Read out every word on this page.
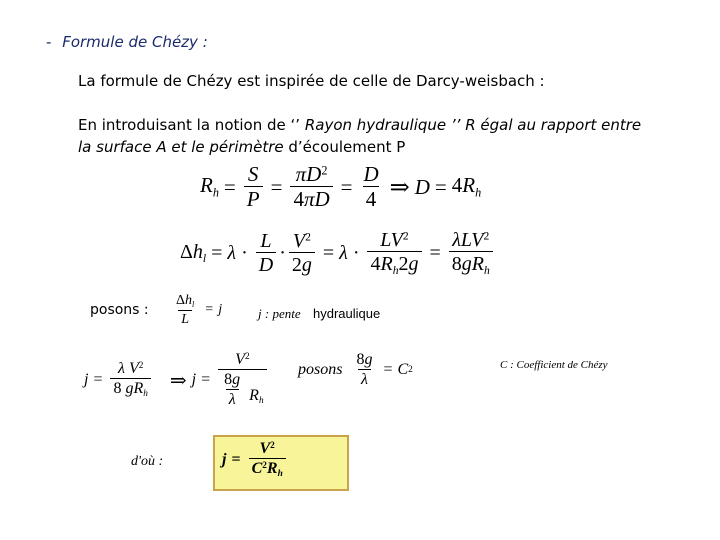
- Formule de Chézy :
La formule de Chézy est inspirée de celle de Darcy-weisbach :
En introduisant la notion de ‘’ Rayon hydraulique ’’ R égal au rapport entre la surface A et le périmètre d’écoulement P
$R_h = \frac{S}{P} = \frac{\pi D^2}{4\pi D} = \frac{D}{4}$ ⇒ $D = 4R_h$
$\Delta h_l = \lambda \cdot \frac{L}{D} \cdot \frac{V^2}{2g} = \lambda \cdot \frac{LV^2}{4R_h2g} = \frac{\lambda LV^2}{8gR_h}$
posons : $\frac{\Delta h_l}{L} = j$	j : pente hydraulique
$j = \frac{\lambda V^2}{8 gR_h}$ ⇒ $j = \frac{V^2}{\frac{8g}{\lambda} R_h}$ posons $\frac{8g}{\lambda} = C$ 2	C : Coefficient de Chézy
d'où :	$j = \frac{V^2}{C^2R_h}$
